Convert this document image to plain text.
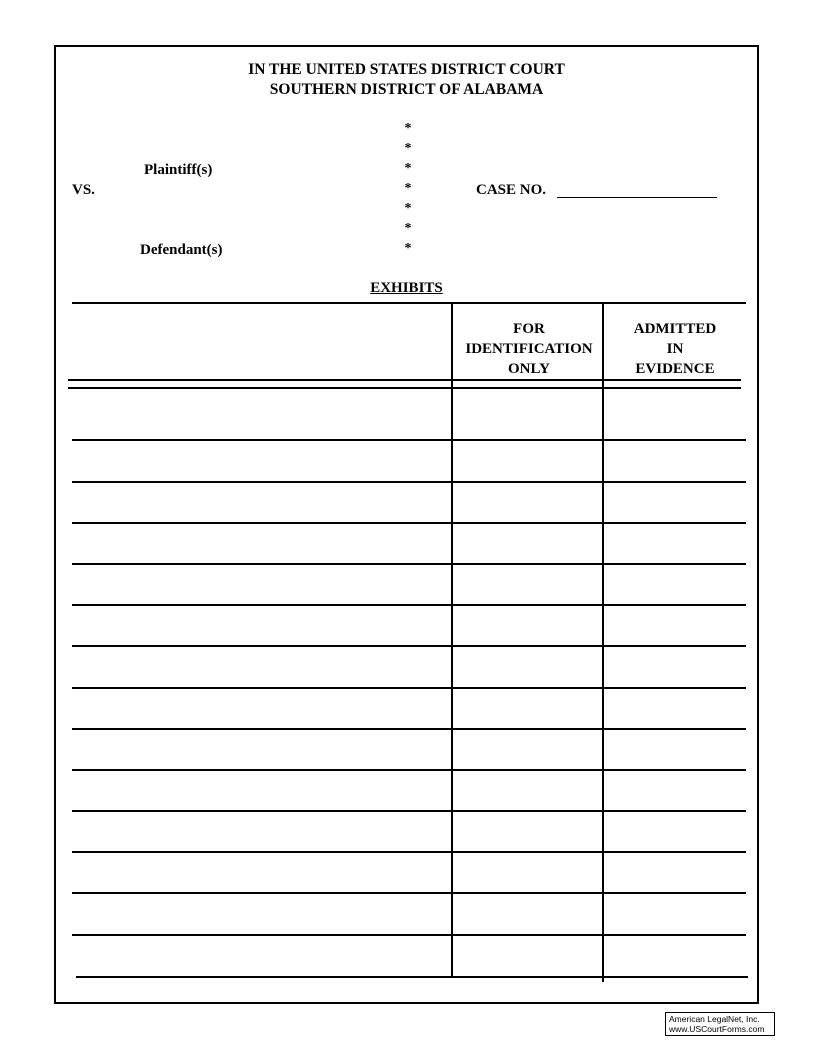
IN THE UNITED STATES DISTRICT COURT
SOUTHERN DISTRICT OF ALABAMA
*
*
*
*
*
*
*
Plaintiff(s)
VS.
Defendant(s)
CASE NO.
EXHIBITS
FOR
IDENTIFICATION
ONLY
ADMITTED
IN
EVIDENCE
American LegalNet, Inc.
www.USCourtForms.com
